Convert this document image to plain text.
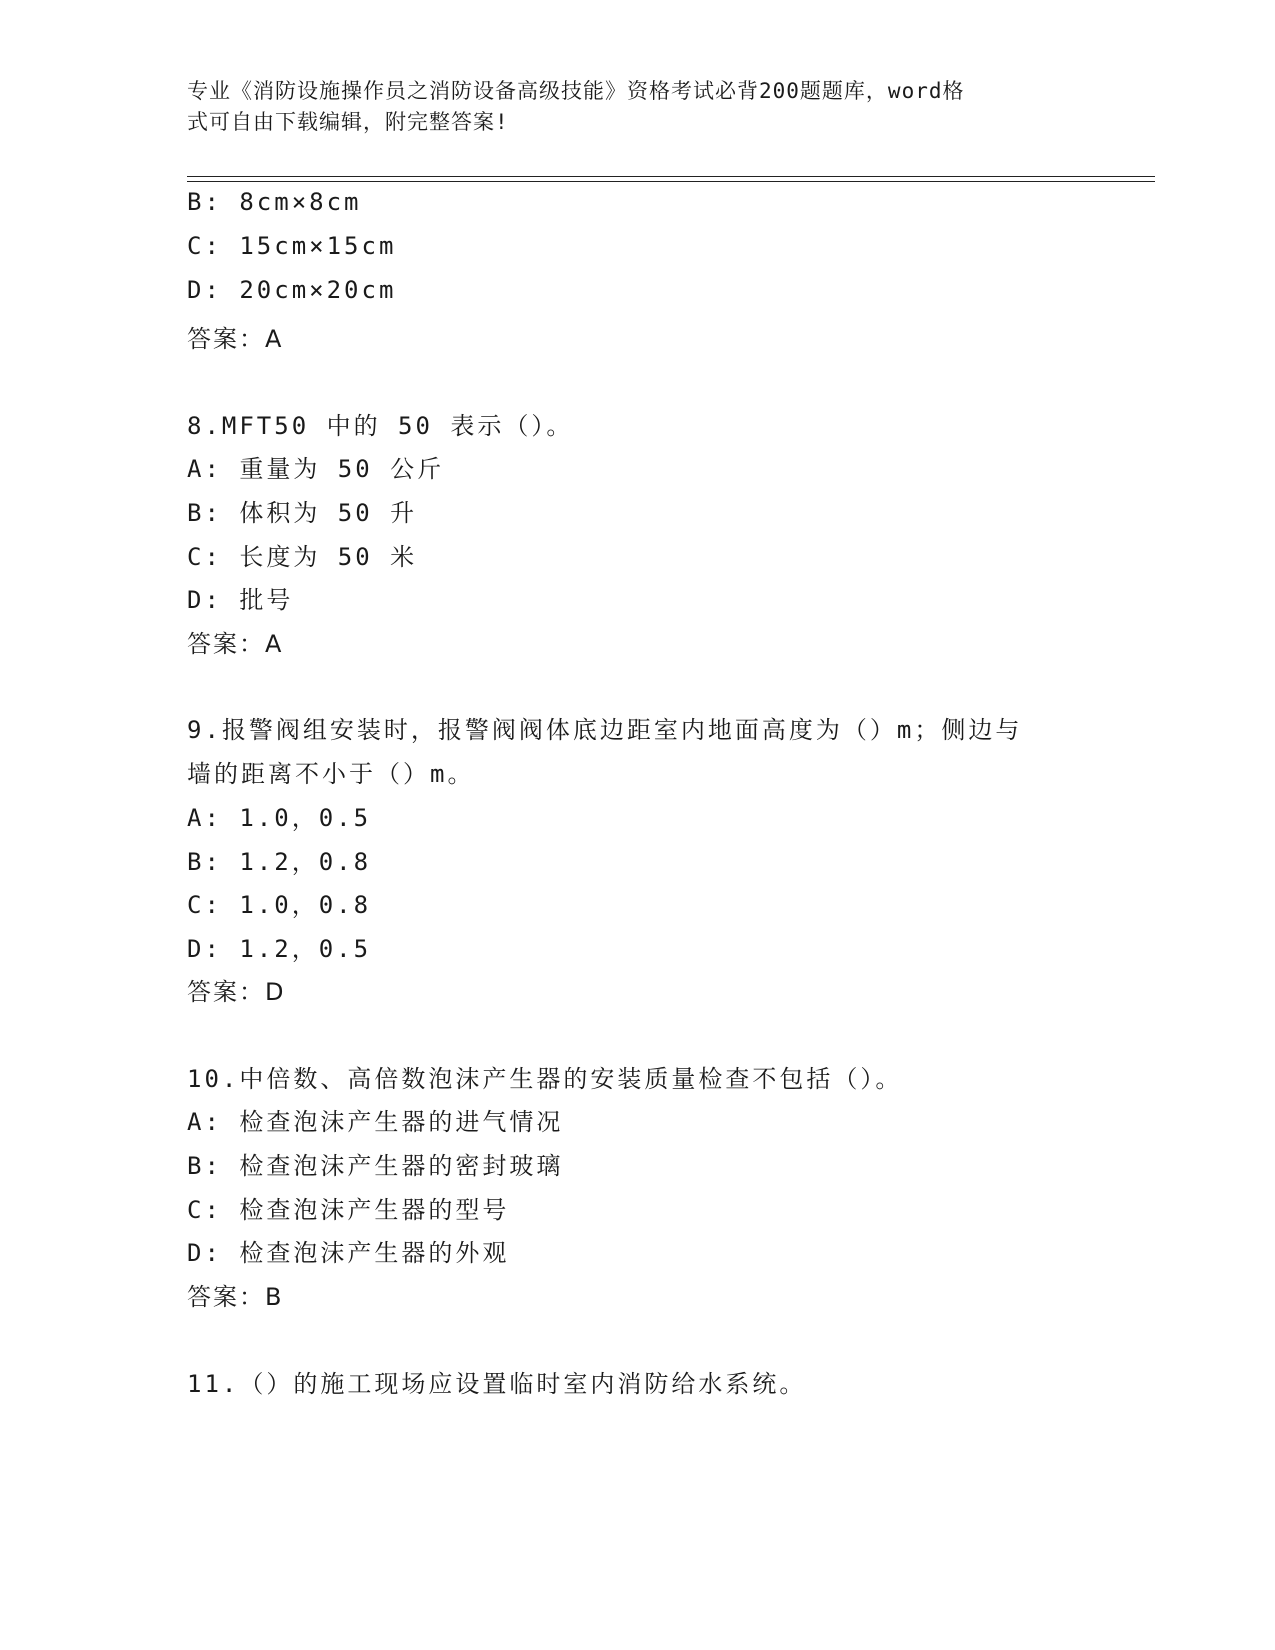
专业《消防设施操作员之消防设备高级技能》资格考试必背200题题库，word格
式可自由下载编辑，附完整答案!
B: 8cm×8cm
C: 15cm×15cm
D: 20cm×20cm
答案：A
8.MFT50 中的 50 表示（）。
A: 重量为 50 公斤
B: 体积为 50 升
C: 长度为 50 米
D: 批号
答案：A
9.报警阀组安装时，报警阀阀体底边距室内地面高度为（）m；侧边与
墙的距离不小于（）m。
A: 1.0，0.5
B: 1.2，0.8
C: 1.0，0.8
D: 1.2，0.5
答案：D
10.中倍数、高倍数泡沫产生器的安装质量检查不包括（）。
A: 检查泡沫产生器的进气情况
B: 检查泡沫产生器的密封玻璃
C: 检查泡沫产生器的型号
D: 检查泡沫产生器的外观
答案：B
11.（）的施工现场应设置临时室内消防给水系统。
